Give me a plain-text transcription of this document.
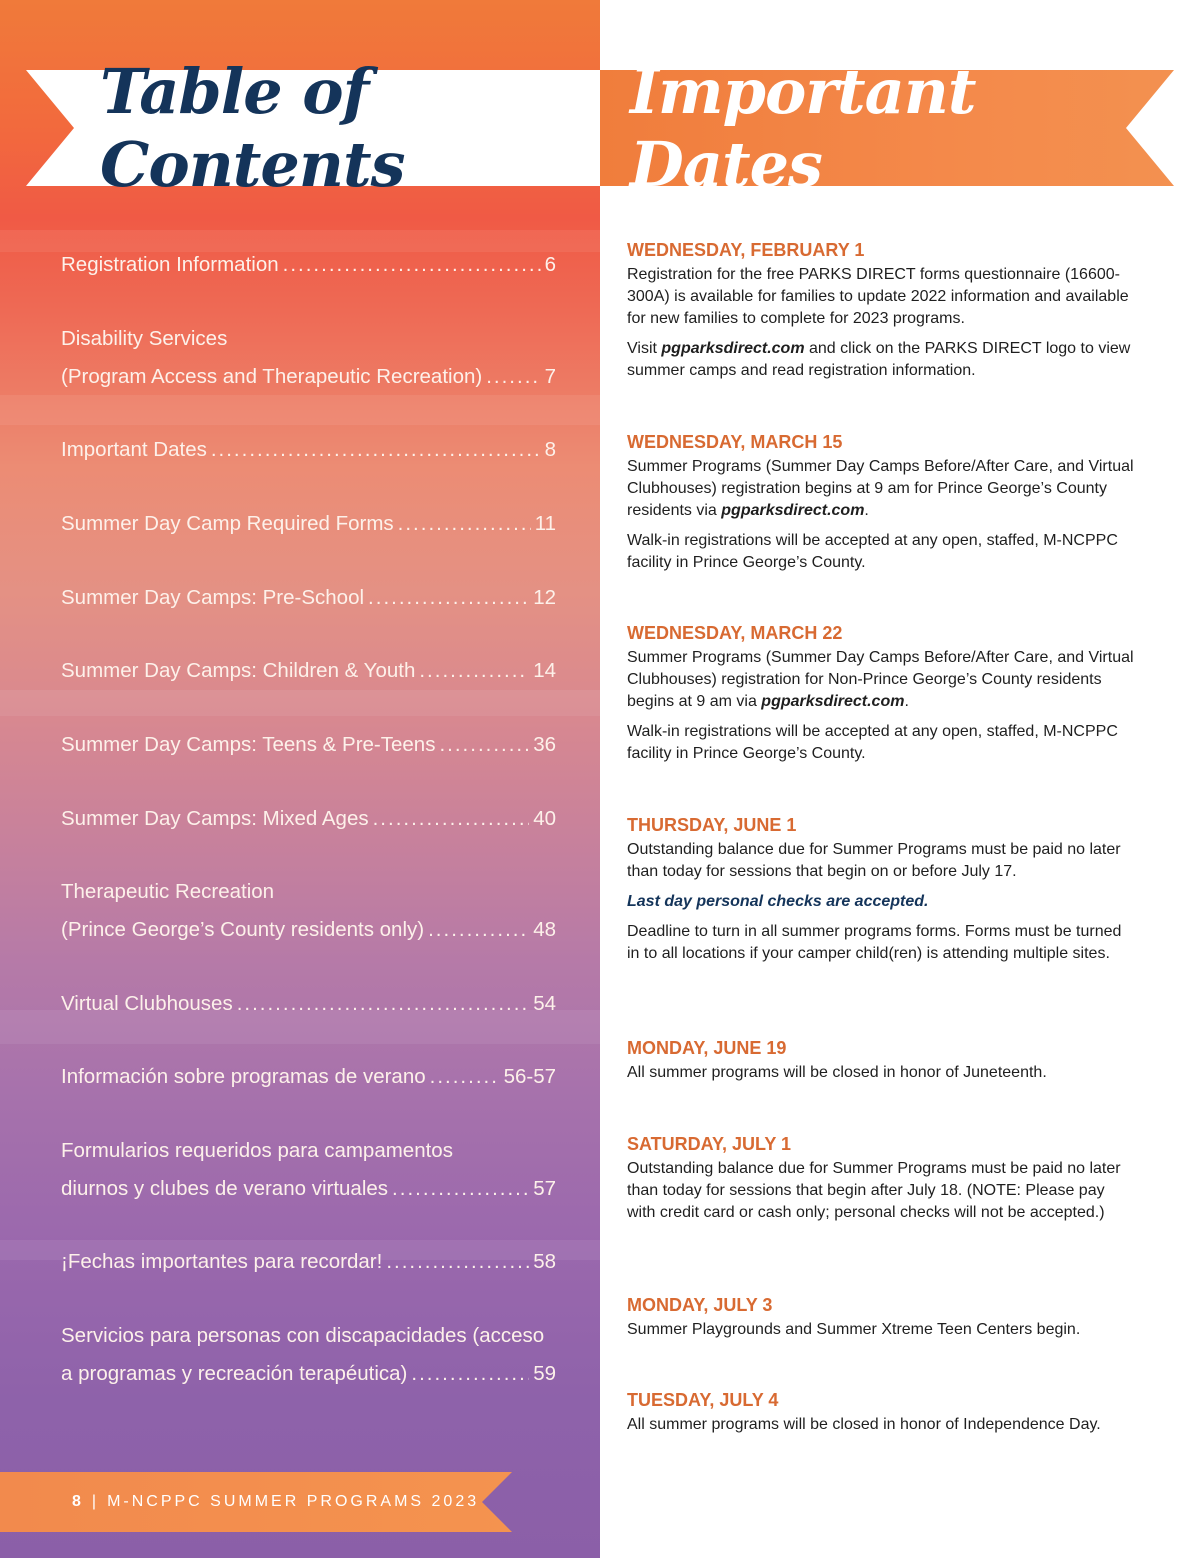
Table of Contents
Important Dates
Registration Information .....	6
Disability Services
(Program Access and Therapeutic Recreation) .....	7
Important Dates .....	8
Summer Day Camp Required Forms .....	11
Summer Day Camps: Pre-School .....	12
Summer Day Camps: Children & Youth .....	14
Summer Day Camps: Teens & Pre-Teens .....	36
Summer Day Camps: Mixed Ages .....	40
Therapeutic Recreation
(Prince George’s County residents only) .....	48
Virtual Clubhouses .....	54
Información sobre programas de verano .....	56-57
Formularios requeridos para campamentos
diurnos y clubes de verano virtuales .....	57
¡Fechas importantes para recordar! .....	58
Servicios para personas con discapacidades (acceso
a programas y recreación terapéutica) .....	59
8 | M-NCPPC SUMMER PROGRAMS 2023
WEDNESDAY, FEBRUARY 1

Registration for the free PARKS DIRECT forms questionnaire (16600-300A) is available for families to update 2022 information and available for new families to complete for 2023 programs.

Visit pgparksdirect.com and click on the PARKS DIRECT logo to view summer camps and read registration information.

WEDNESDAY, MARCH 15

Summer Programs (Summer Day Camps Before/After Care, and Virtual Clubhouses) registration begins at 9 am for Prince George’s County residents via pgparksdirect.com.

Walk-in registrations will be accepted at any open, staffed, M-NCPPC facility in Prince George’s County.

WEDNESDAY, MARCH 22

Summer Programs (Summer Day Camps Before/After Care, and Virtual Clubhouses) registration for Non-Prince George’s County residents begins at 9 am via pgparksdirect.com.

Walk-in registrations will be accepted at any open, staffed, M-NCPPC facility in Prince George’s County.

THURSDAY, JUNE 1

Outstanding balance due for Summer Programs must be paid no later than today for sessions that begin on or before July 17.

Last day personal checks are accepted.

Deadline to turn in all summer programs forms. Forms must be turned in to all locations if your camper child(ren) is attending multiple sites.

MONDAY, JUNE 19

All summer programs will be closed in honor of Juneteenth.

SATURDAY, JULY 1

Outstanding balance due for Summer Programs must be paid no later than today for sessions that begin after July 18. (NOTE: Please pay with credit card or cash only; personal checks will not be accepted.)

MONDAY, JULY 3

Summer Playgrounds and Summer Xtreme Teen Centers begin.

TUESDAY, JULY 4

All summer programs will be closed in honor of Independence Day.
